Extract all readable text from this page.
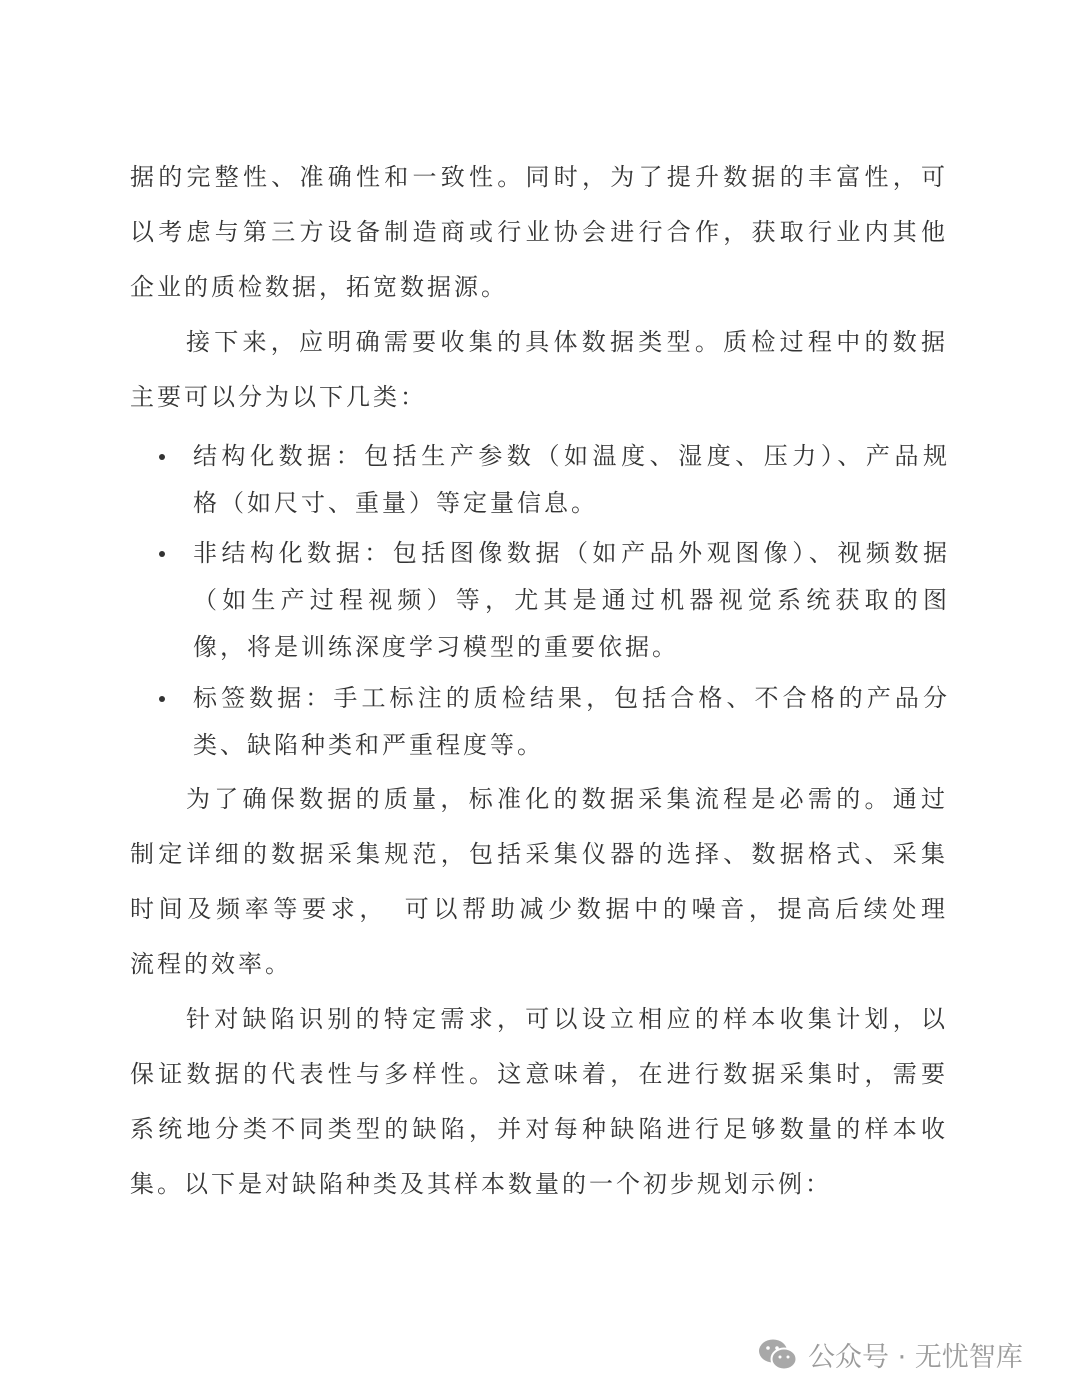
据的完整性、准确性和一致性。同时，为了提升数据的丰富性，可
以考虑与第三方设备制造商或行业协会进行合作，获取行业内其他
企业的质检数据，拓宽数据源。
接下来，应明确需要收集的具体数据类型。质检过程中的数据
主要可以分为以下几类：
结构化数据：包括生产参数（如温度、湿度、压力）、产品规
格（如尺寸、重量）等定量信息。
非结构化数据：包括图像数据（如产品外观图像）、视频数据
（如生产过程视频）等，尤其是通过机器视觉系统获取的图
像，将是训练深度学习模型的重要依据。
标签数据：手工标注的质检结果，包括合格、不合格的产品分
类、缺陷种类和严重程度等。
为了确保数据的质量，标准化的数据采集流程是必需的。通过
制定详细的数据采集规范，包括采集仪器的选择、数据格式、采集
时间及频率等要求，　可以帮助减少数据中的噪音，提高后续处理
流程的效率。
针对缺陷识别的特定需求，可以设立相应的样本收集计划，以
保证数据的代表性与多样性。这意味着，在进行数据采集时，需要
系统地分类不同类型的缺陷，并对每种缺陷进行足够数量的样本收
集。以下是对缺陷种类及其样本数量的一个初步规划示例：
公众号 · 无忧智库
